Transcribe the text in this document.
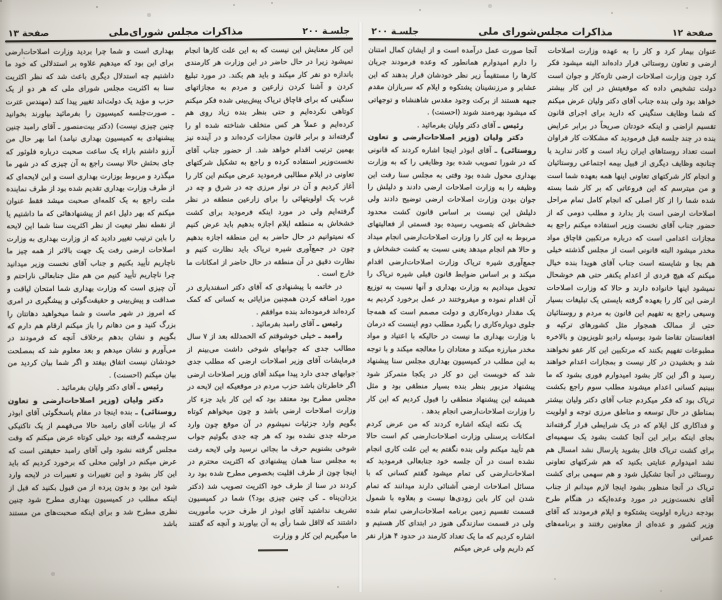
جلسـة ۲۰۰
مذاکرات مجلس شورای‌ملی
صفحة ۱۳

این کار معنایش این نیست که به این علت کارها انجام نمیشود زیرا در حال حاضر در این وزارت هر کارمندی باندازه دو نفر کار میکند و باید هم بکند. در مورد تبلیغ کردن و آشنا کردن زارعین و مردم به مجازاتهای سنگینی که برای قاچاق تریاک پیش‌بینی شده فکر میکنم کوتاهی نکرده‌ایم و حتی بنظر بنده زیاد روی هم کرده‌ایم و عملاً هر کس متخلف شناخته شده او را گرفته‌اند و برابر قانون مجازات کرده‌اند و در آینده نیز بهمین ترتیب اقدام خواهد شد. از حضور جناب آقای نخست‌وزیر استفاده کرده و راجع به تشکیل شرکتهای تعاونی در ایلام مطالبی فرمودید عرض میکنم این کار را آغاز کردیم و آن در نوار مرزی چه در شرق و چه در غرب یک اولویتهائی را برای زارعین منطقه در نظر گرفته‌ایم ولی در مورد اینکه فرمودید برای کشت خشخاش به منطقه ایلام اجازه بدهیم باید عرض کنیم که نمیتوانیم در حال حاضر به این منطقه اجازه بدهیم چون در جمع‌آوری شیره تریاک باید نظارت کنیم و نظارت دقیق در آن منطقه در حال حاضر از امکانات ما خارج است .

در خاتمه با پیشنهادی که آقای دکتر اسفندیاری در مورد اضافه کردن همچنین مزایائی به کسانی که کمک کرده‌اند فرموده‌اند بنده موافقم .

رئیس ـ آقای رامبد بفرمائید .

رامبد ـ خیلی خوشوقتم که الحمدلله بعد از ۷ سال مطالب جدی که جوابهای شوخی داشت می‌بینم از فرمایشات آقای وزیر اصلاحات ارضی که مطلب جدی جوابهای جدی دارد پیدا میکند آقای وزیر اصلاحات ارضی اگر خاطرتان باشد حزب مردم در موقعیکه این لایحه در مجلس مطرح بود معتقد بود که این کار باید جزء کار وزارت اصلاحات ارضی باشد و چون میخواهم کوتاه بگویم وارد جزئیات نمیشوم در آن موقع چون وارد مرحله جدی نشده بود که هر چه جدی بگوئیم جواب شوخی بشنویم حرف ما بجائی نرسید ولی لایحه رفت به مجلس سنا همان پیشنهادی که اکثریت محترم در اینجا چون از طرف اقلیت بخصوص مطرح شده بود رد کردند در سنا از طرف خود اکثریت تصویب شد (دکتر یزدان‌پناه ـ کی چنین چیزی بود؟) شما در کمیسیون تشریف نداشتید آقای ابوذر از طرف حزب مأموریت داشتند که لااقل شما رأی به آن بیاورند و آنچه که گفتند ما میگیریم این کار و وزارت

بهداری است و شما چرا بردید وزارت اصلاحات‌ارضی برای این بود که میدهیم علاوه بر استدلالی که خود ما داشتیم چه استدلال دیگری باعث شد که نظر اکثریت سنا به اکثریت مجلس شورای ملی که هر دو از یک حزب و مؤید یک دولت‌اند تغییر پیدا کند (مهندس عترت ـ صورت‌جلسه کمیسیون را بفرمائید بیاورند بخوانید چنین چیزی نیست) (دکتر بیت‌منصور ـ آقای رامبد چنین پیشنهادی به کمیسیون بهداری نیامد) اما بهر حال من آرزو داشتم بازاء یک ساعت صحبت درباره فلوئور که جای بحثش حالا نیست راجع به آن چیزی که در شهر ما میگذرد و مربوط بوزارت بهداری است و این لایحه‌ای که از طرف وزارت بهداری تقدیم شده بود از طرف نماینده ملت راجع به یک کلمه‌ای صحبت میشد فقط عنوان میکنم که بهر دلیل اعم از پیشنهادهائی که ما داشتیم یا از نقطه نظر تبعیت از نظر اکثریت سنا شما این لایحه را باین ترتیب تغییر دادید که از وزارت بهداری به وزارت اصلاحات ارضی رفت یک جهت بالاتر از همه چیز ما ناچاریم تأیید بکنیم و جناب آقای نخست وزیر میدانید چرا ناچاریم تأیید کنیم من هم مثل جنابعالی ناراحتم و آن چیزی است که وزارت بهداری شما امتحان لیاقت و صداقت و پیش‌بینی و حقیقت‌گوئی و پیشگیری در امری که امروز در شهر ماست و شما میخواهید دهاتتان را بزرگ کنید و من دهانم را باز میکنم ارقام هم دارم که بگویم و نشان بدهم برخلاف آنچه که فرمودند در می‌آورم و نشان میدهم و بعد معلوم شد که بمصلحت خودشان نیست اتفاق بیفتد و اگر شما بیان کردید من بیان میکنم (احسنت) .

رئیس ـ آقای دکتر ولیان بفرمائید .

دکتر ولیان (وزیر اصلاحات‌ارضی و تعاون روستائی) ـ بنده اینجا در مقام پاسخگوئی آقای ابوذر که از بیانات آقای رامبد حالا می‌فهمم از یک تاکتیکی سرچشمه گرفته بود خیلی کوتاه عرض میکنم که وقت مجلس گرفته نشود ولی آقای رامبد حقیقتی است که عرض میکنم در اولین محلی که برخورد کردیم که باید این کار بشود و این تغییرات و تعبیرات در لایحه وارد شود این بود و بدون پرده از من قبول بکنید که قبل از اینکه مطلب در کمیسیون بهداری مطرح شود چنین نظری مطرح شد و برای اینکه صحبت‌های من مستند باشد

صفحة ۱۲
مذاکرات مجلس‌شورای ملی
جلسـة ۲۰۰

عنوان بیمار کرد و کار را به عهده وزارت اصلاحات ارضی و تعاون روستائی قرار داده‌اند البته میشود فکر کرد چون وزارت اصلاحات ارضی تازه‌کار و جوان است دولت تشخیص داده که موقعیتش در این کار بیشتر خواهد بود ولی بنده جناب آقای دکتر ولیان عرض میکنم که شما وظایف سنگینی که دارید برای اجرای قانون تقسیم اراضی و اینکه خودتان صریحاً در برابر عرایض بنده در چند جلسه قبل فرمودید که مشکلات کار فراوان است تعداد روستاهای ایران زیاد است و کادر ندارید یا چنانچه وظایف دیگری از قبیل بیمه اجتماعی روستائیان و انجام کار شرکتهای تعاونی اینها همه بعهده شما است و من میترسم که این فروعاتی که بر کار شما بسته شده شما را از کار اصلی که انجام کامل تمام مراحل اصلاحات ارضی است باز بدارد و مطلب دومی که از حضور جناب آقای نخست وزیر استفاده میکنم راجع به مجازات اعدامی است که درباره مرتکبین قاچاق مواد مخدر میشود البته قانونی است از مجلس گذشته خیلی هم بجا و شایسته است جناب آقای هویدا بنده خیال میکنم که هیچ فردی از اعدام یکنفر حتی هم خوشحال نمیشود اینها خانواده دارند و حالا که وزارت اصلاحات ارضی این کار را بعهده گرفته بایستی یک تبلیغات بسیار وسیعی راجع به تفهیم این قانون به مردم و روستائیان حتی از ممالک همجوار مثل کشورهای ترکیه و افغانستان تقاضا شود بوسیله رادیو تلویزیون و بالاخره مطبوعات تفهیم بکنند که مرتکبین این کار عفو نخواهند شد و بخشیدن در کار نیست و بمجازات اعدام خواهند رسید و اگر این کار بشود امیدوارم فوری بشود که ما ببینیم کسانی اعدام میشوند مطلب سوم راجع بکشت تریاک بود که فکر میکردم جناب آقای دکتر ولیان بیشتر بمناطق در حال توسعه و مناطق مرزی توجه و اولویت و فداکاری کل ایلام که در یک شرایطی قرار گرفته‌اند بجای اینکه برابر این آنجا کشت بشود یک سهمیه‌ای برای کشت تریاک قائل بشوید پارسال نشد امسال هم نشد امیدوارم عنایتی بکنید که هم شرکتهای تعاونی روستائی در آنجا تشکیل شود و هم سهمی برای کشت تریاک در آنجا منظور بشود اینجا لازم میدانم از جناب آقای نخست‌وزیر در مورد وعده‌ایکه در هنگام طرح بودجه درباره اولویت پشتکوه و ایلام فرمودند که آقای وزیر کشور و عده‌ای از معاونین رفتند و برنامه‌های عمرانی

آنجا صورت عمل درآمده است و از ایشان کمال امتنان را دارم امیدوارم همانطور که وعده فرمودند جریان کارها را مستقیماً زیر نظر خودشان قرار بدهند که این عشایر و مرزنشینان پشتکوه و ایلام که سربازان مقدم جبهه هستند از برکت وجود مقدس شاهنشاه و توجهاتی که میشود بهره‌مند شوند (احسنت) .

رئیس ـ آقای دکتر ولیان بفرمائید .

دکتر ولیان (وزیر اصلاحات‌ارضی و تعاون روستائی) ـ آقای ابوذر اینجا اشاره کردند که قانونی که در شورا تصویب شده بود وظایفی را که به وزارت بهداری محول شده بود وقتی به مجلس سنا رفت این وظیفه را به وزارت اصلاحات ارضی دادند و دلیلش را جوان بودن وزارت اصلاحات ارضی توضیح دادند ولی دلیلش این نیست بر اساس قانون کشت محدود خشخاش که بتصویب رسیده بود قسمتی از فعالیتهای مربوط به این کار را وزارت اصلاحات‌ارضی انجام میداد و حالا هم انجام میدهد یعنی نسبت به کشت خشخاش و جمع‌آوری شیره تریاک وزارت اصلاحات‌ارضی اقدام میکند و بر اساس ضوابط قانون قبلی شیره تریاک را تحویل میدادیم به وزارت بهداری و آنها نسبت به توزیع آن اقدام نموده و میفروختند در عمل برخورد کردیم به یک مقدار دوباره‌کاری و دولت مصمم است که همه‌جا جلوی دوباره‌کاری را بگیرد مطلب دوم اینست که درمان با وزارت بهداری ما نیست در حالیکه با اعتیاد و مواد مخدر مبارزه میکند و معتادان را معالجه میکند و با توجه به این مطلب در کمیسیون بهداری مجلس سنا پیشنهاد شد که خوبست این دو کار در یکجا متمرکز شود پیشنهاد مزبور بنظر بنده بسیار منطقی بود و مثل همیشه این پیشنهاد منطقی را قبول کردیم که این کار را وزارت اصلاحات‌ارضی انجام بدهد .

یک نکته اینکه اشاره کردند که من عرض کردم امکانات پرسنلی وزارت اصلاحات‌ارضی کم است حالا هم تأیید میکنم ولی بنده نگفتم به این علت کاری انجام نشده است در آن جلسه خود جنابعالی فرمودید که اصلاحات‌ارضی کی تمام میشود گفتم کسانی که با مسائل اصلاحات ارضی آشنائی دارند میدانند که تمام شدن این کار باین زودی‌ها نیست و بعلاوه با شمول قسمت تقسیم زمین برنامه اصلاحات‌ارضی تمام شده ولی در قسمت سازندگی هنوز در ابتدای کار هستیم و اشاره کردیم که ما یک تعداد کارمند در حدود ۴ هزار نفر کم داریم ولی عرض میکنم
